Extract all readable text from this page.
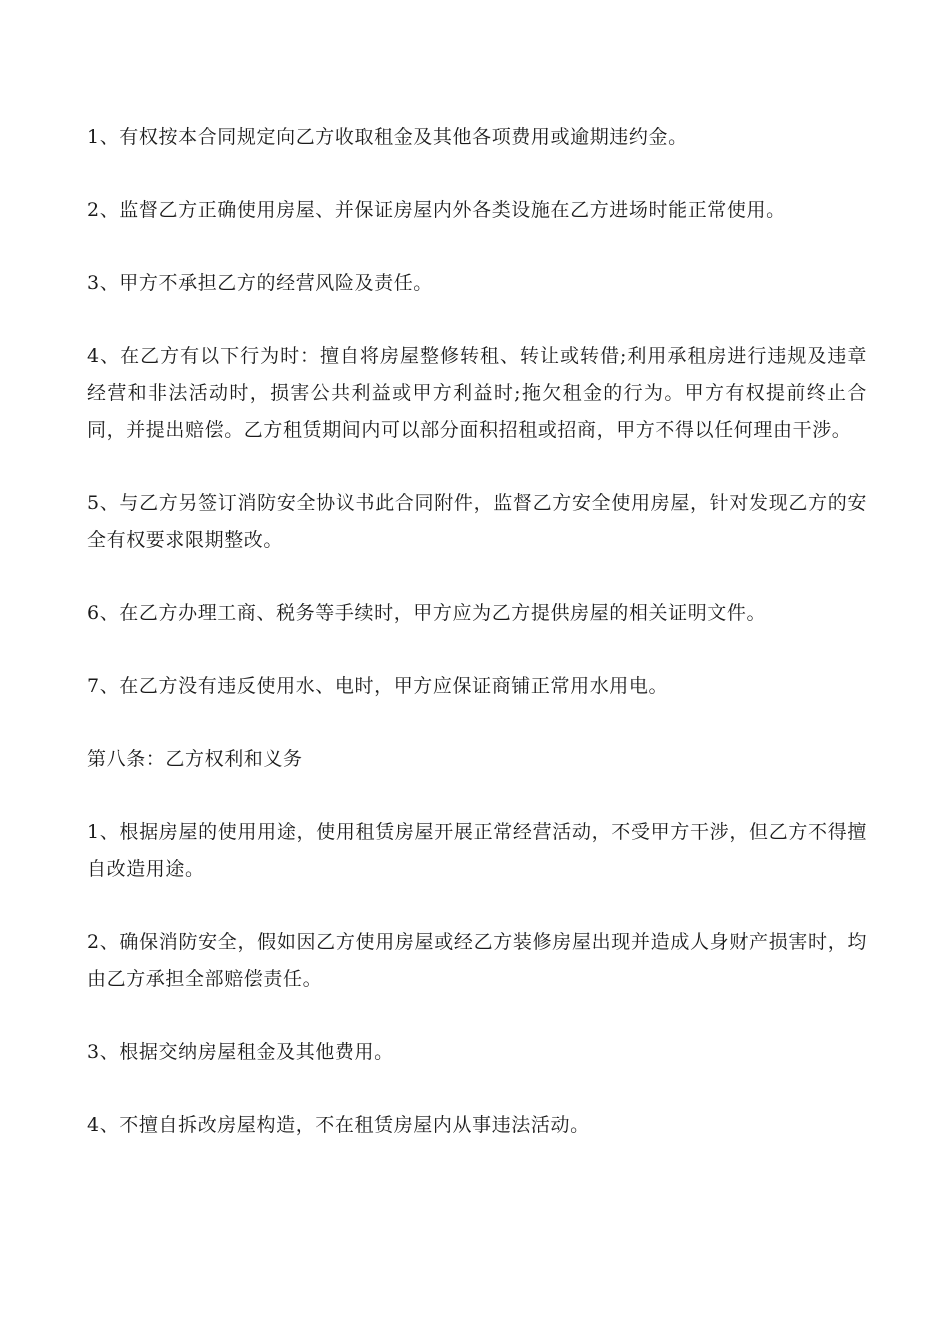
1、有权按本合同规定向乙方收取租金及其他各项费用或逾期违约金。

2、监督乙方正确使用房屋、并保证房屋内外各类设施在乙方进场时能正常使用。

3、甲方不承担乙方的经营风险及责任。

4、在乙方有以下行为时：擅自将房屋整修转租、转让或转借;利用承租房进行违规及违章经营和非法活动时，损害公共利益或甲方利益时;拖欠租金的行为。甲方有权提前终止合同，并提出赔偿。乙方租赁期间内可以部分面积招租或招商，甲方不得以任何理由干涉。

5、与乙方另签订消防安全协议书此合同附件，监督乙方安全使用房屋，针对发现乙方的安全有权要求限期整改。

6、在乙方办理工商、税务等手续时，甲方应为乙方提供房屋的相关证明文件。

7、在乙方没有违反使用水、电时，甲方应保证商铺正常用水用电。

第八条：乙方权利和义务

1、根据房屋的使用用途，使用租赁房屋开展正常经营活动，不受甲方干涉，但乙方不得擅自改造用途。

2、确保消防安全，假如因乙方使用房屋或经乙方装修房屋出现并造成人身财产损害时，均由乙方承担全部赔偿责任。

3、根据交纳房屋租金及其他费用。

4、不擅自拆改房屋构造，不在租赁房屋内从事违法活动。
